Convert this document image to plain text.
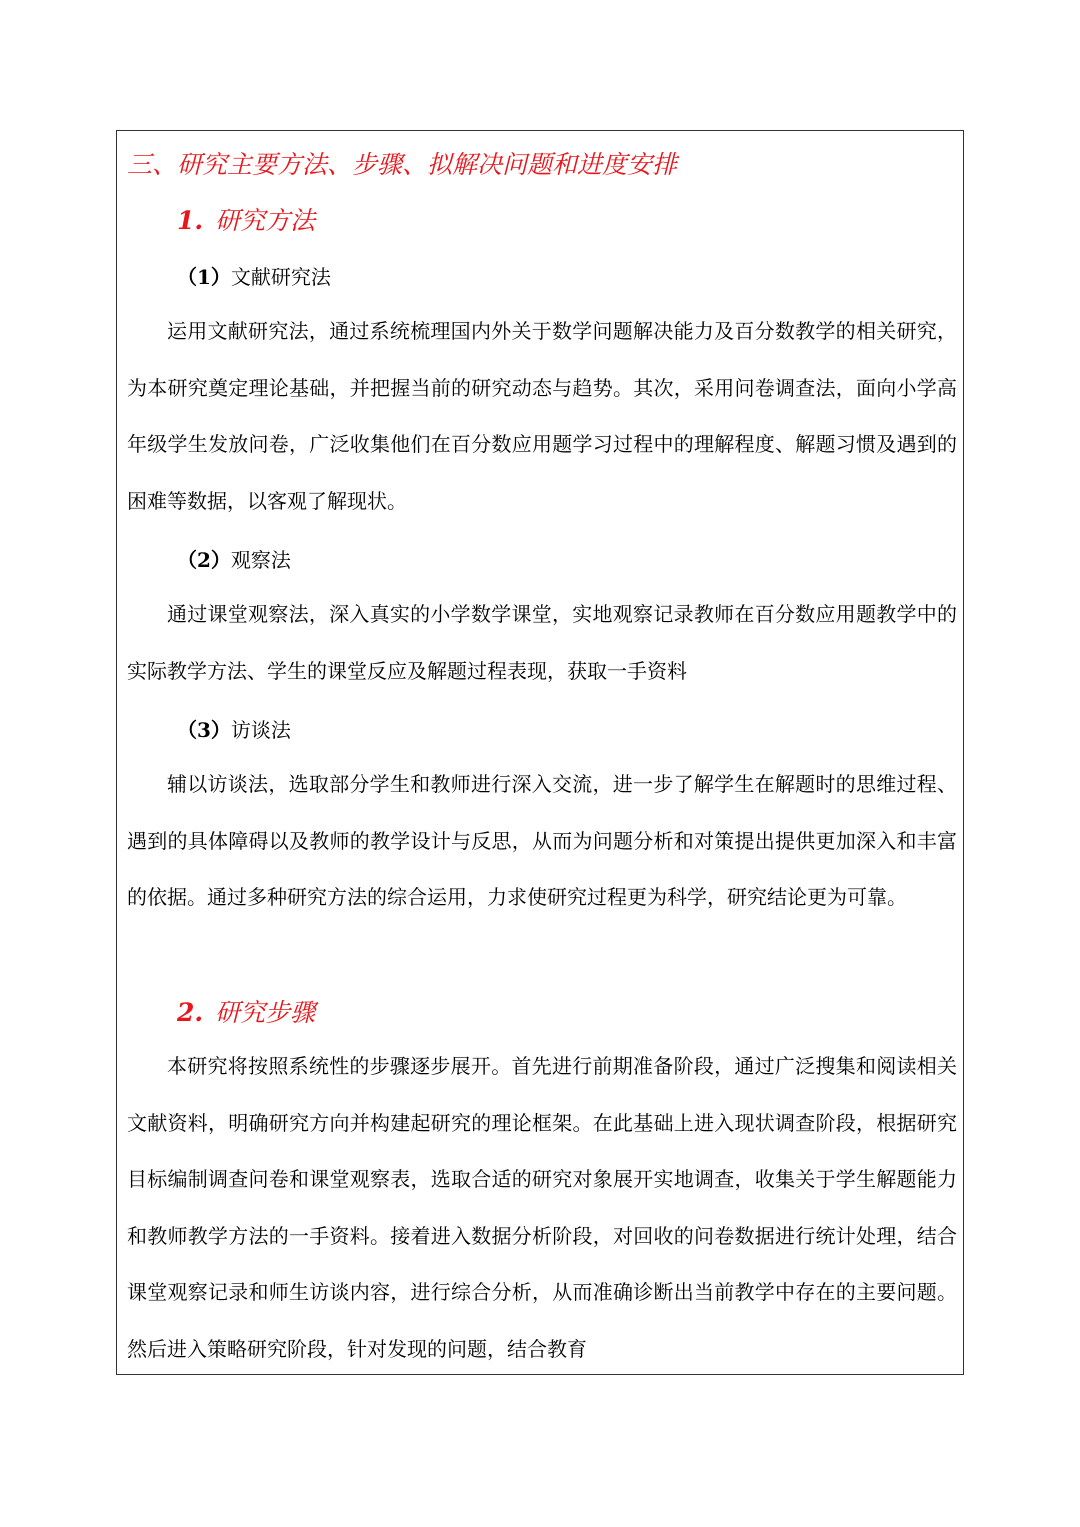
三、研究主要方法、步骤、拟解决问题和进度安排
1. 研究方法
（1）文献研究法

运用文献研究法，通过系统梳理国内外关于数学问题解决能力及百分数教学的相关研究，为本研究奠定理论基础，并把握当前的研究动态与趋势。其次，采用问卷调查法，面向小学高年级学生发放问卷，广泛收集他们在百分数应用题学习过程中的理解程度、解题习惯及遇到的困难等数据，以客观了解现状。

（2）观察法

通过课堂观察法，深入真实的小学数学课堂，实地观察记录教师在百分数应用题教学中的实际教学方法、学生的课堂反应及解题过程表现，获取一手资料

（3）访谈法

辅以访谈法，选取部分学生和教师进行深入交流，进一步了解学生在解题时的思维过程、遇到的具体障碍以及教师的教学设计与反思，从而为问题分析和对策提出提供更加深入和丰富的依据。通过多种研究方法的综合运用，力求使研究过程更为科学，研究结论更为可靠。

2. 研究步骤

本研究将按照系统性的步骤逐步展开。首先进行前期准备阶段，通过广泛搜集和阅读相关文献资料，明确研究方向并构建起研究的理论框架。在此基础上进入现状调查阶段，根据研究目标编制调查问卷和课堂观察表，选取合适的研究对象展开实地调查，收集关于学生解题能力和教师教学方法的一手资料。接着进入数据分析阶段，对回收的问卷数据进行统计处理，结合课堂观察记录和师生访谈内容，进行综合分析，从而准确诊断出当前教学中存在的主要问题。然后进入策略研究阶段，针对发现的问题，结合教育
